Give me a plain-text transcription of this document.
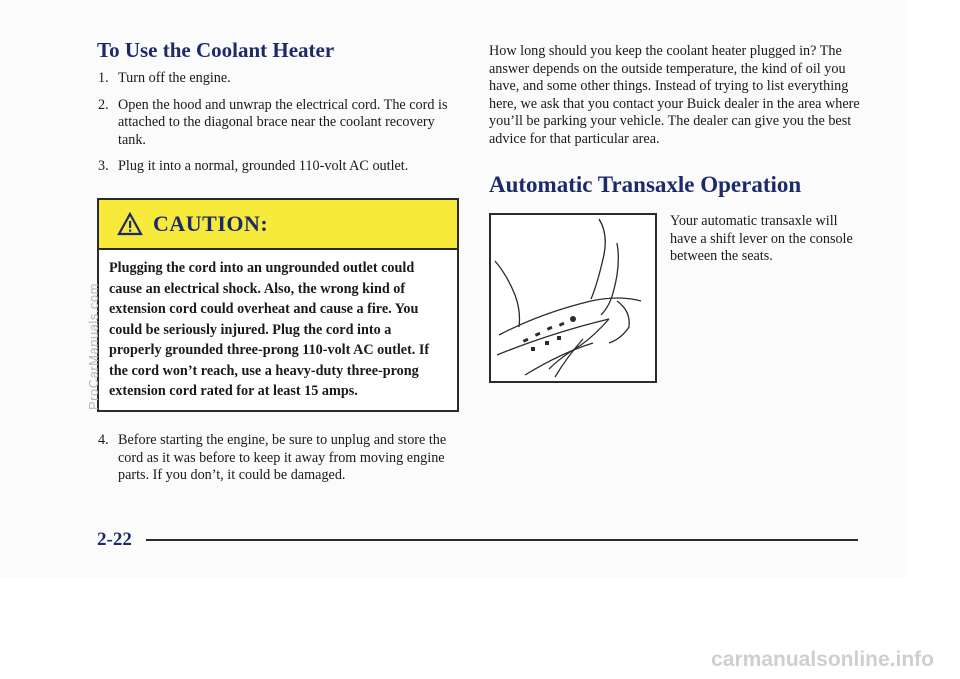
To Use the Coolant Heater
1. Turn off the engine.
2. Open the hood and unwrap the electrical cord. The cord is attached to the diagonal brace near the coolant recovery tank.
3. Plug it into a normal, grounded 110-volt AC outlet.
CAUTION:
Plugging the cord into an ungrounded outlet could cause an electrical shock. Also, the wrong kind of extension cord could overheat and cause a fire. You could be seriously injured. Plug the cord into a properly grounded three-prong 110-volt AC outlet. If the cord won’t reach, use a heavy-duty three-prong extension cord rated for at least 15 amps.
4. Before starting the engine, be sure to unplug and store the cord as it was before to keep it away from moving engine parts. If you don’t, it could be damaged.
How long should you keep the coolant heater plugged in? The answer depends on the outside temperature, the kind of oil you have, and some other things. Instead of trying to list everything here, we ask that you contact your Buick dealer in the area where you’ll be parking your vehicle. The dealer can give you the best advice for that particular area.
Automatic Transaxle Operation
Your automatic transaxle will have a shift lever on the console between the seats.
2-22
ProCarManuals.com
carmanualsonline.info
